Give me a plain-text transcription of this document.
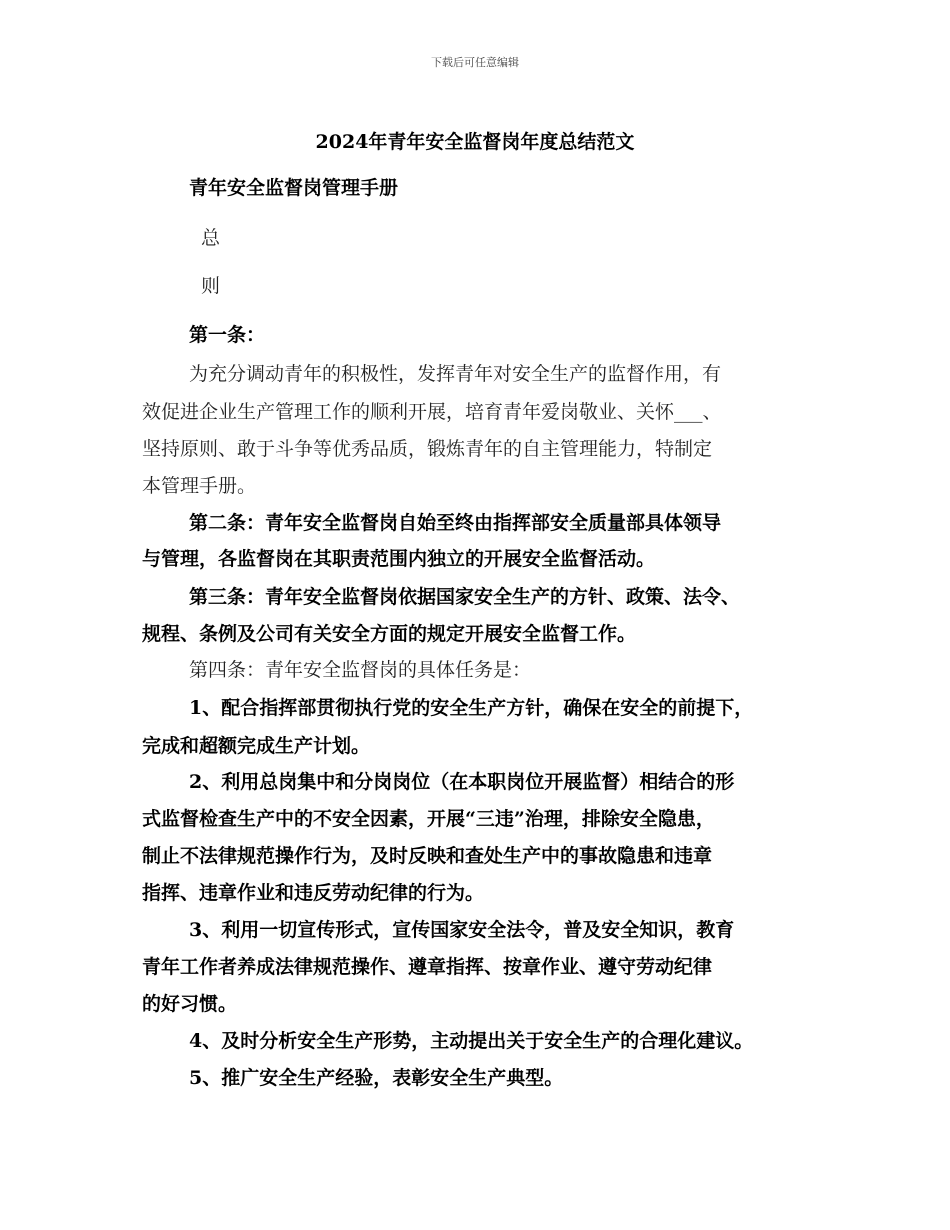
下载后可任意编辑
2024年青年安全监督岗年度总结范文
青年安全监督岗管理手册
总
则
第一条：
为充分调动青年的积极性，发挥青年对安全生产的监督作用，有
效促进企业生产管理工作的顺利开展，培育青年爱岗敬业、关怀___、
坚持原则、敢于斗争等优秀品质，锻炼青年的自主管理能力，特制定
本管理手册。
第二条：青年安全监督岗自始至终由指挥部安全质量部具体领导
与管理，各监督岗在其职责范围内独立的开展安全监督活动。
第三条：青年安全监督岗依据国家安全生产的方针、政策、法令、
规程、条例及公司有关安全方面的规定开展安全监督工作。
第四条：青年安全监督岗的具体任务是：
1、配合指挥部贯彻执行党的安全生产方针，确保在安全的前提下，
完成和超额完成生产计划。
2、利用总岗集中和分岗岗位（在本职岗位开展监督）相结合的形
式监督检查生产中的不安全因素，开展“三违”治理，排除安全隐患，
制止不法律规范操作行为，及时反映和查处生产中的事故隐患和违章
指挥、违章作业和违反劳动纪律的行为。
3、利用一切宣传形式，宣传国家安全法令，普及安全知识，教育
青年工作者养成法律规范操作、遵章指挥、按章作业、遵守劳动纪律
的好习惯。
4、及时分析安全生产形势，主动提出关于安全生产的合理化建议。
5、推广安全生产经验，表彰安全生产典型。
